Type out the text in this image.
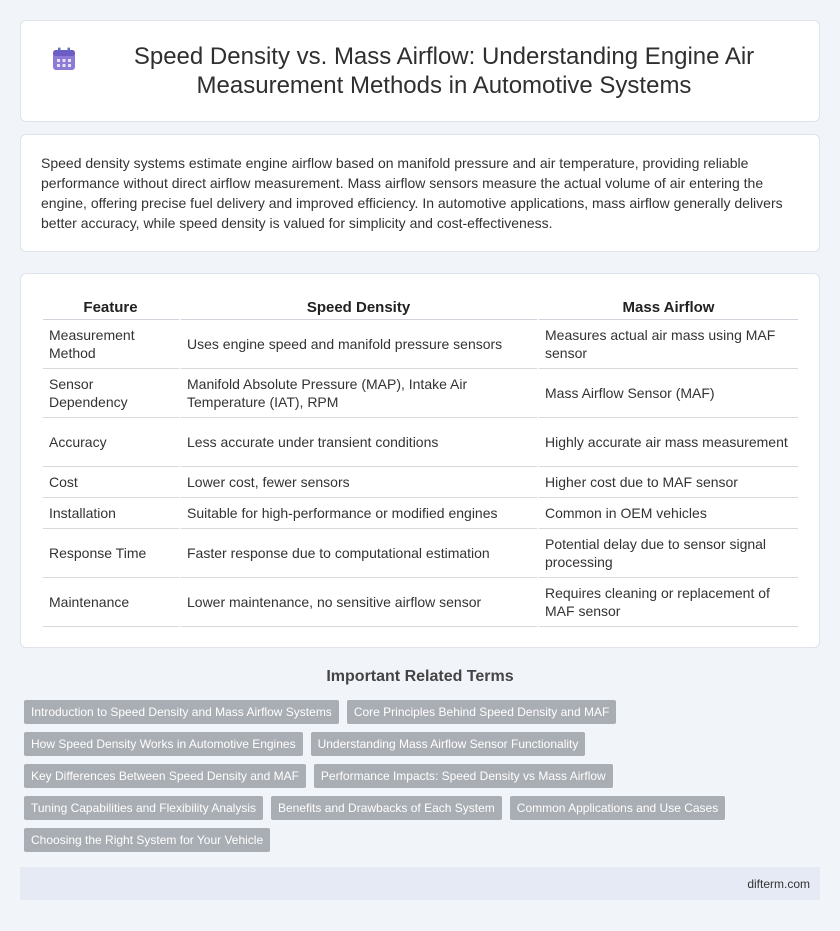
Speed Density vs. Mass Airflow: Understanding Engine Air Measurement Methods in Automotive Systems

Speed density systems estimate engine airflow based on manifold pressure and air temperature, providing reliable performance without direct airflow measurement. Mass airflow sensors measure the actual volume of air entering the engine, offering precise fuel delivery and improved efficiency. In automotive applications, mass airflow generally delivers better accuracy, while speed density is valued for simplicity and cost-effectiveness.

Feature	Speed Density	Mass Airflow
Measurement Method	Uses engine speed and manifold pressure sensors	Measures actual air mass using MAF sensor
Sensor Dependency	Manifold Absolute Pressure (MAP), Intake Air Temperature (IAT), RPM	Mass Airflow Sensor (MAF)
Accuracy	Less accurate under transient conditions	Highly accurate air mass measurement
Cost	Lower cost, fewer sensors	Higher cost due to MAF sensor
Installation	Suitable for high-performance or modified engines	Common in OEM vehicles
Response Time	Faster response due to computational estimation	Potential delay due to sensor signal processing
Maintenance	Lower maintenance, no sensitive airflow sensor	Requires cleaning or replacement of MAF sensor
Important Related Terms
Introduction to Speed Density and Mass Airflow Systems	Core Principles Behind Speed Density and MAF
How Speed Density Works in Automotive Engines	Understanding Mass Airflow Sensor Functionality
Key Differences Between Speed Density and MAF	Performance Impacts: Speed Density vs Mass Airflow
Tuning Capabilities and Flexibility Analysis	Benefits and Drawbacks of Each System	Common Applications and Use Cases
Choosing the Right System for Your Vehicle
difterm.com
